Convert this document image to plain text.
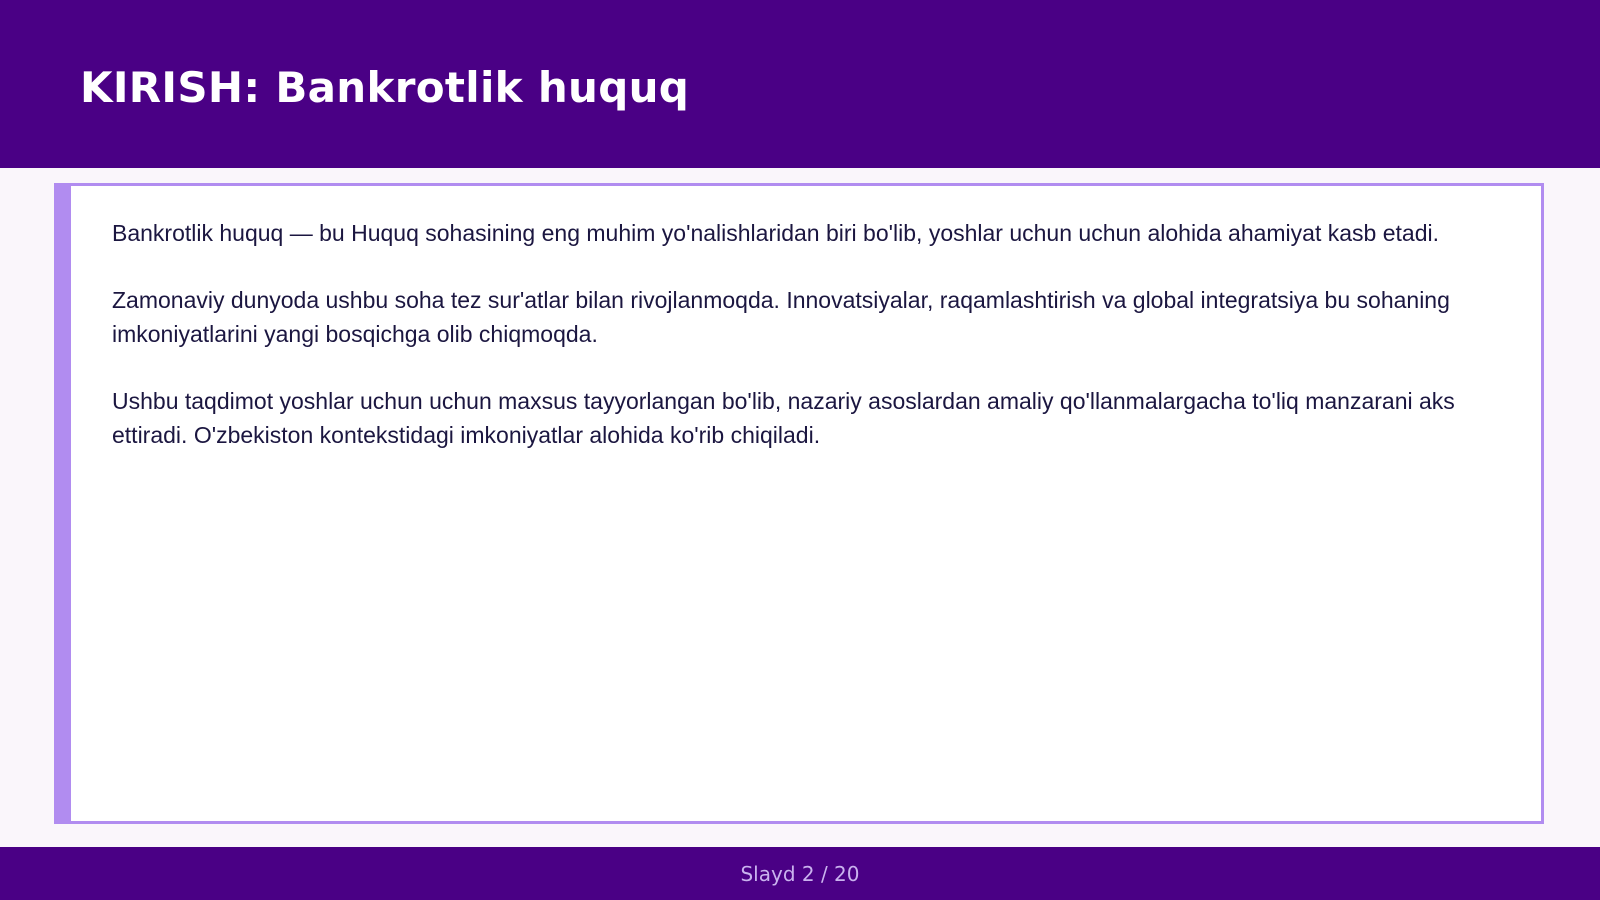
KIRISH: Bankrotlik huquq

Bankrotlik huquq — bu Huquq sohasining eng muhim yo'nalishlaridan biri bo'lib, yoshlar uchun uchun alohida ahamiyat kasb etadi.

Zamonaviy dunyoda ushbu soha tez sur'atlar bilan rivojlanmoqda. Innovatsiyalar, raqamlashtirish va global integratsiya bu sohaning imkoniyatlarini yangi bosqichga olib chiqmoqda.

Ushbu taqdimot yoshlar uchun uchun maxsus tayyorlangan bo'lib, nazariy asoslardan amaliy qo'llanmalargacha to'liq manzarani aks ettiradi. O'zbekiston kontekstidagi imkoniyatlar alohida ko'rib chiqiladi.

Slayd 2 / 20
